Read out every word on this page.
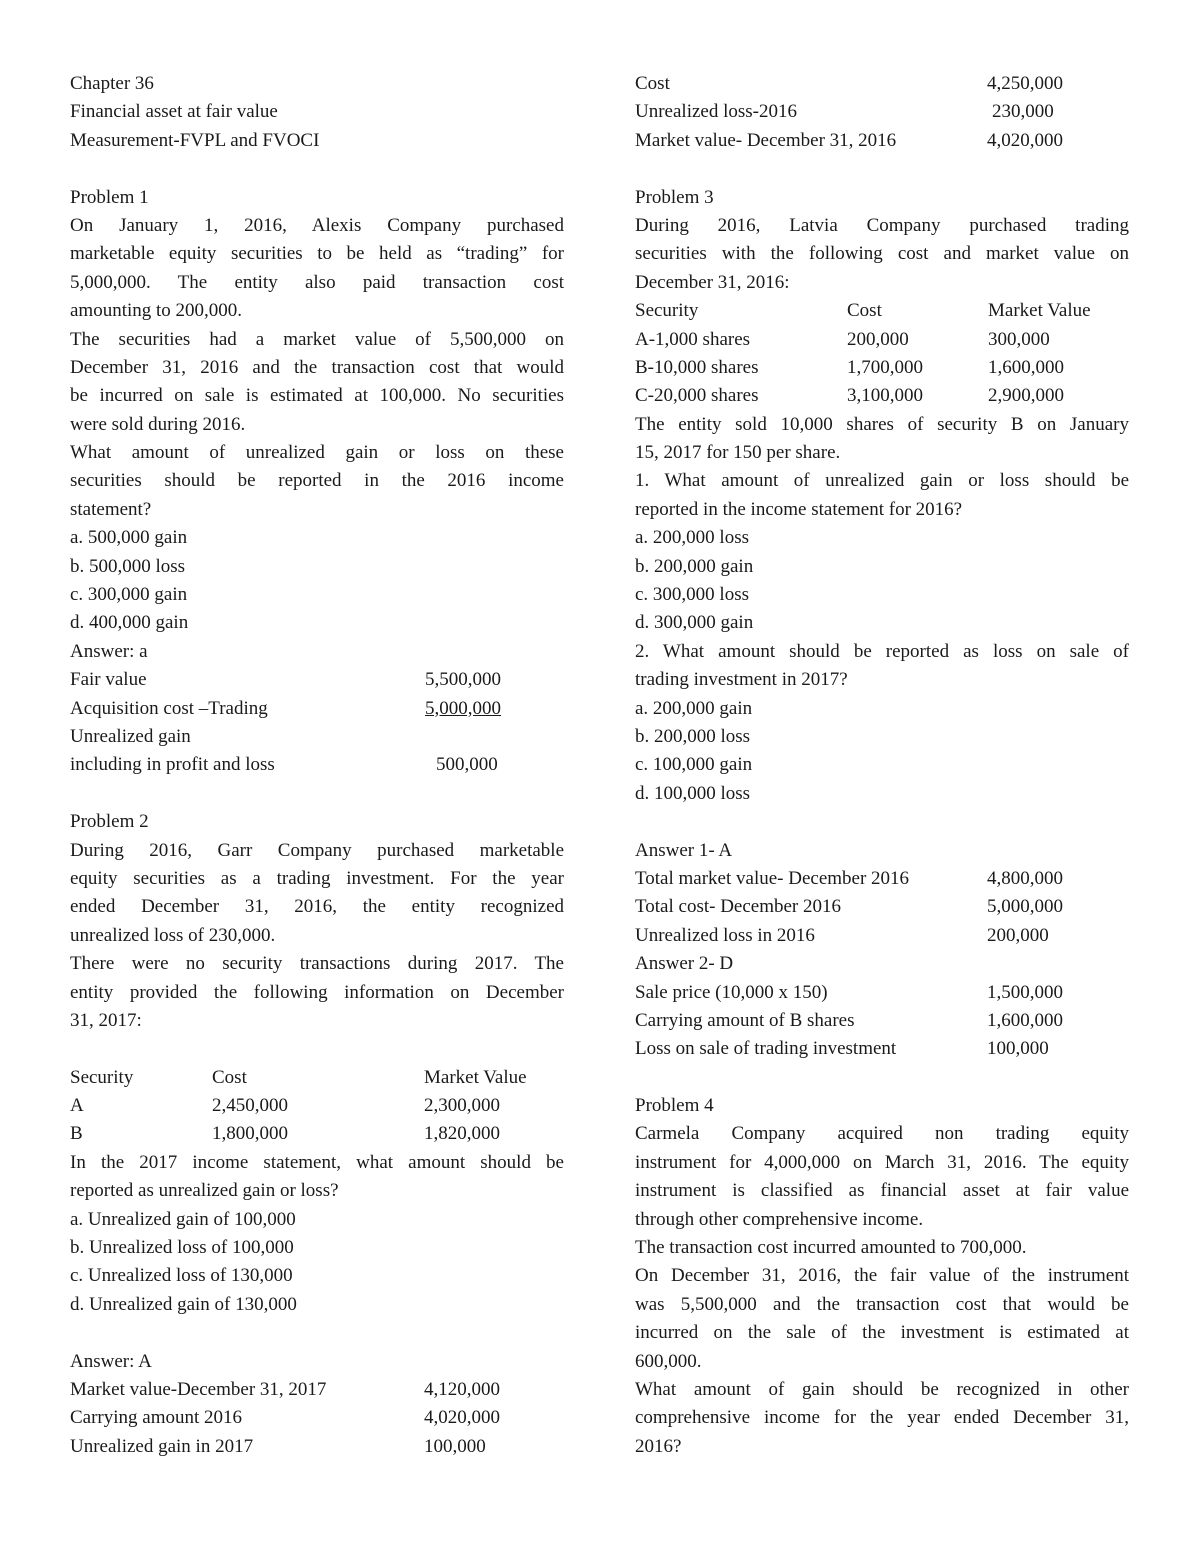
Chapter 36
Financial asset at fair value
Measurement-FVPL and FVOCI
Problem 1
On January 1, 2016, Alexis Company purchased
marketable equity securities to be held as “trading” for
5,000,000. The entity also paid transaction cost
amounting to 200,000.
The securities had a market value of 5,500,000 on
December 31, 2016 and the transaction cost that would
be incurred on sale is estimated at 100,000. No securities
were sold during 2016.
What amount of unrealized gain or loss on these
securities should be reported in the 2016 income
statement?
a. 500,000 gain
b. 500,000 loss
c. 300,000 gain
d. 400,000 gain
Answer: a
Fair value	5,500,000
Acquisition cost –Trading	5,000,000
Unrealized gain
including in profit and loss	500,000
Problem 2
During 2016, Garr Company purchased marketable
equity securities as a trading investment. For the year
ended December 31, 2016, the entity recognized
unrealized loss of 230,000.
There were no security transactions during 2017. The
entity provided the following information on December
31, 2017:
Security	Cost	Market Value
A	2,450,000	2,300,000
B	1,800,000	1,820,000
In the 2017 income statement, what amount should be
reported as unrealized gain or loss?
a. Unrealized gain of 100,000
b. Unrealized loss of 100,000
c. Unrealized loss of 130,000
d. Unrealized gain of 130,000
Answer: A
Market value-December 31, 2017	4,120,000
Carrying amount 2016	4,020,000
Unrealized gain in 2017	100,000
Cost	4,250,000
Unrealized loss-2016	230,000
Market value- December 31, 2016	4,020,000
Problem 3
During 2016, Latvia Company purchased trading
securities with the following cost and market value on
December 31, 2016:
Security	Cost	Market Value
A-1,000 shares	200,000	300,000
B-10,000 shares	1,700,000	1,600,000
C-20,000 shares	3,100,000	2,900,000
The entity sold 10,000 shares of security B on January
15, 2017 for 150 per share.
1. What amount of unrealized gain or loss should be
reported in the income statement for 2016?
a. 200,000 loss
b. 200,000 gain
c. 300,000 loss
d. 300,000 gain
2. What amount should be reported as loss on sale of
trading investment in 2017?
a. 200,000 gain
b. 200,000 loss
c. 100,000 gain
d. 100,000 loss
Answer 1- A
Total market value- December 2016	4,800,000
Total cost- December 2016	5,000,000
Unrealized loss in 2016	200,000
Answer 2- D
Sale price (10,000 x 150)	1,500,000
Carrying amount of B shares	1,600,000
Loss on sale of trading investment	100,000
Problem 4
Carmela Company acquired non trading equity
instrument for 4,000,000 on March 31, 2016. The equity
instrument is classified as financial asset at fair value
through other comprehensive income.
The transaction cost incurred amounted to 700,000.
On December 31, 2016, the fair value of the instrument
was 5,500,000 and the transaction cost that would be
incurred on the sale of the investment is estimated at
600,000.
What amount of gain should be recognized in other
comprehensive income for the year ended December 31,
2016?
